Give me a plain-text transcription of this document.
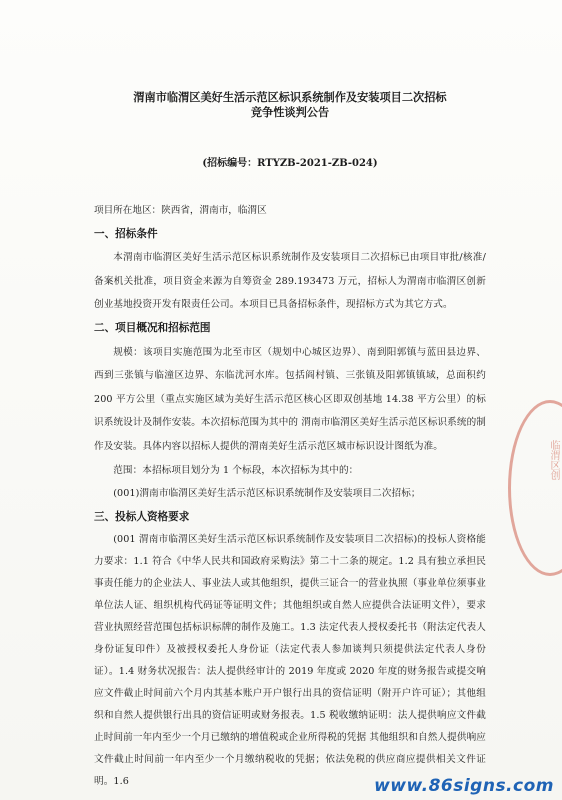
渭南市临渭区美好生活示范区标识系统制作及安装项目二次招标

竞争性谈判公告

(招标编号：RTYZB-2021-ZB-024)

项目所在地区：陕西省，渭南市，临渭区

一、招标条件

本渭南市临渭区美好生活示范区标识系统制作及安装项目二次招标已由项目审批/核准/备案机关批准，项目资金来源为自筹资金 289.193473 万元，招标人为渭南市临渭区创新创业基地投资开发有限责任公司。本项目已具备招标条件，现招标方式为其它方式。

二、项目概况和招标范围

规模：该项目实施范围为北至市区（规划中心城区边界）、南到阳郭镇与蓝田县边界、西到三张镇与临潼区边界、东临沋河水库。包括阎村镇、三张镇及阳郭镇镇域，总面积约 200 平方公里（重点实施区域为美好生活示范区核心区即双创基地 14.38 平方公里）的标识系统设计及制作安装。本次招标范围为其中的 渭南市临渭区美好生活示范区标识系统的制作及安装。具体内容以招标人提供的渭南美好生活示范区城市标识设计图纸为准。

范围：本招标项目划分为 1 个标段，本次招标为其中的：

(001)渭南市临渭区美好生活示范区标识系统制作及安装项目二次招标；

三、投标人资格要求

(001 渭南市临渭区美好生活示范区标识系统制作及安装项目二次招标)的投标人资格能力要求：1.1 符合《中华人民共和国政府采购法》第二十二条的规定。1.2 具有独立承担民事责任能力的企业法人、事业法人或其他组织，提供三证合一的营业执照（事业单位须事业单位法人证、组织机构代码证等证明文件；其他组织或自然人应提供合法证明文件），要求营业执照经营范围包括标识标牌的制作及施工。1.3 法定代表人授权委托书（附法定代表人身份证复印件）及被授权委托人身份证（法定代表人参加谈判只须提供法定代表人身份证）。1.4 财务状况报告：法人提供经审计的 2019 年度或 2020 年度的财务报告或提交响应文件截止时间前六个月内其基本账户开户银行出具的资信证明（附开户许可证）；其他组织和自然人提供银行出具的资信证明或财务报表。1.5 税收缴纳证明：法人提供响应文件截止时间前一年内至少一个月已缴纳的增值税或企业所得税的凭据 其他组织和自然人提供响应文件截止时间前一年内至少一个月缴纳税收的凭据；依法免税的供应商应提供相关文件证明。1.6

临渭区创
www.86signs.com
